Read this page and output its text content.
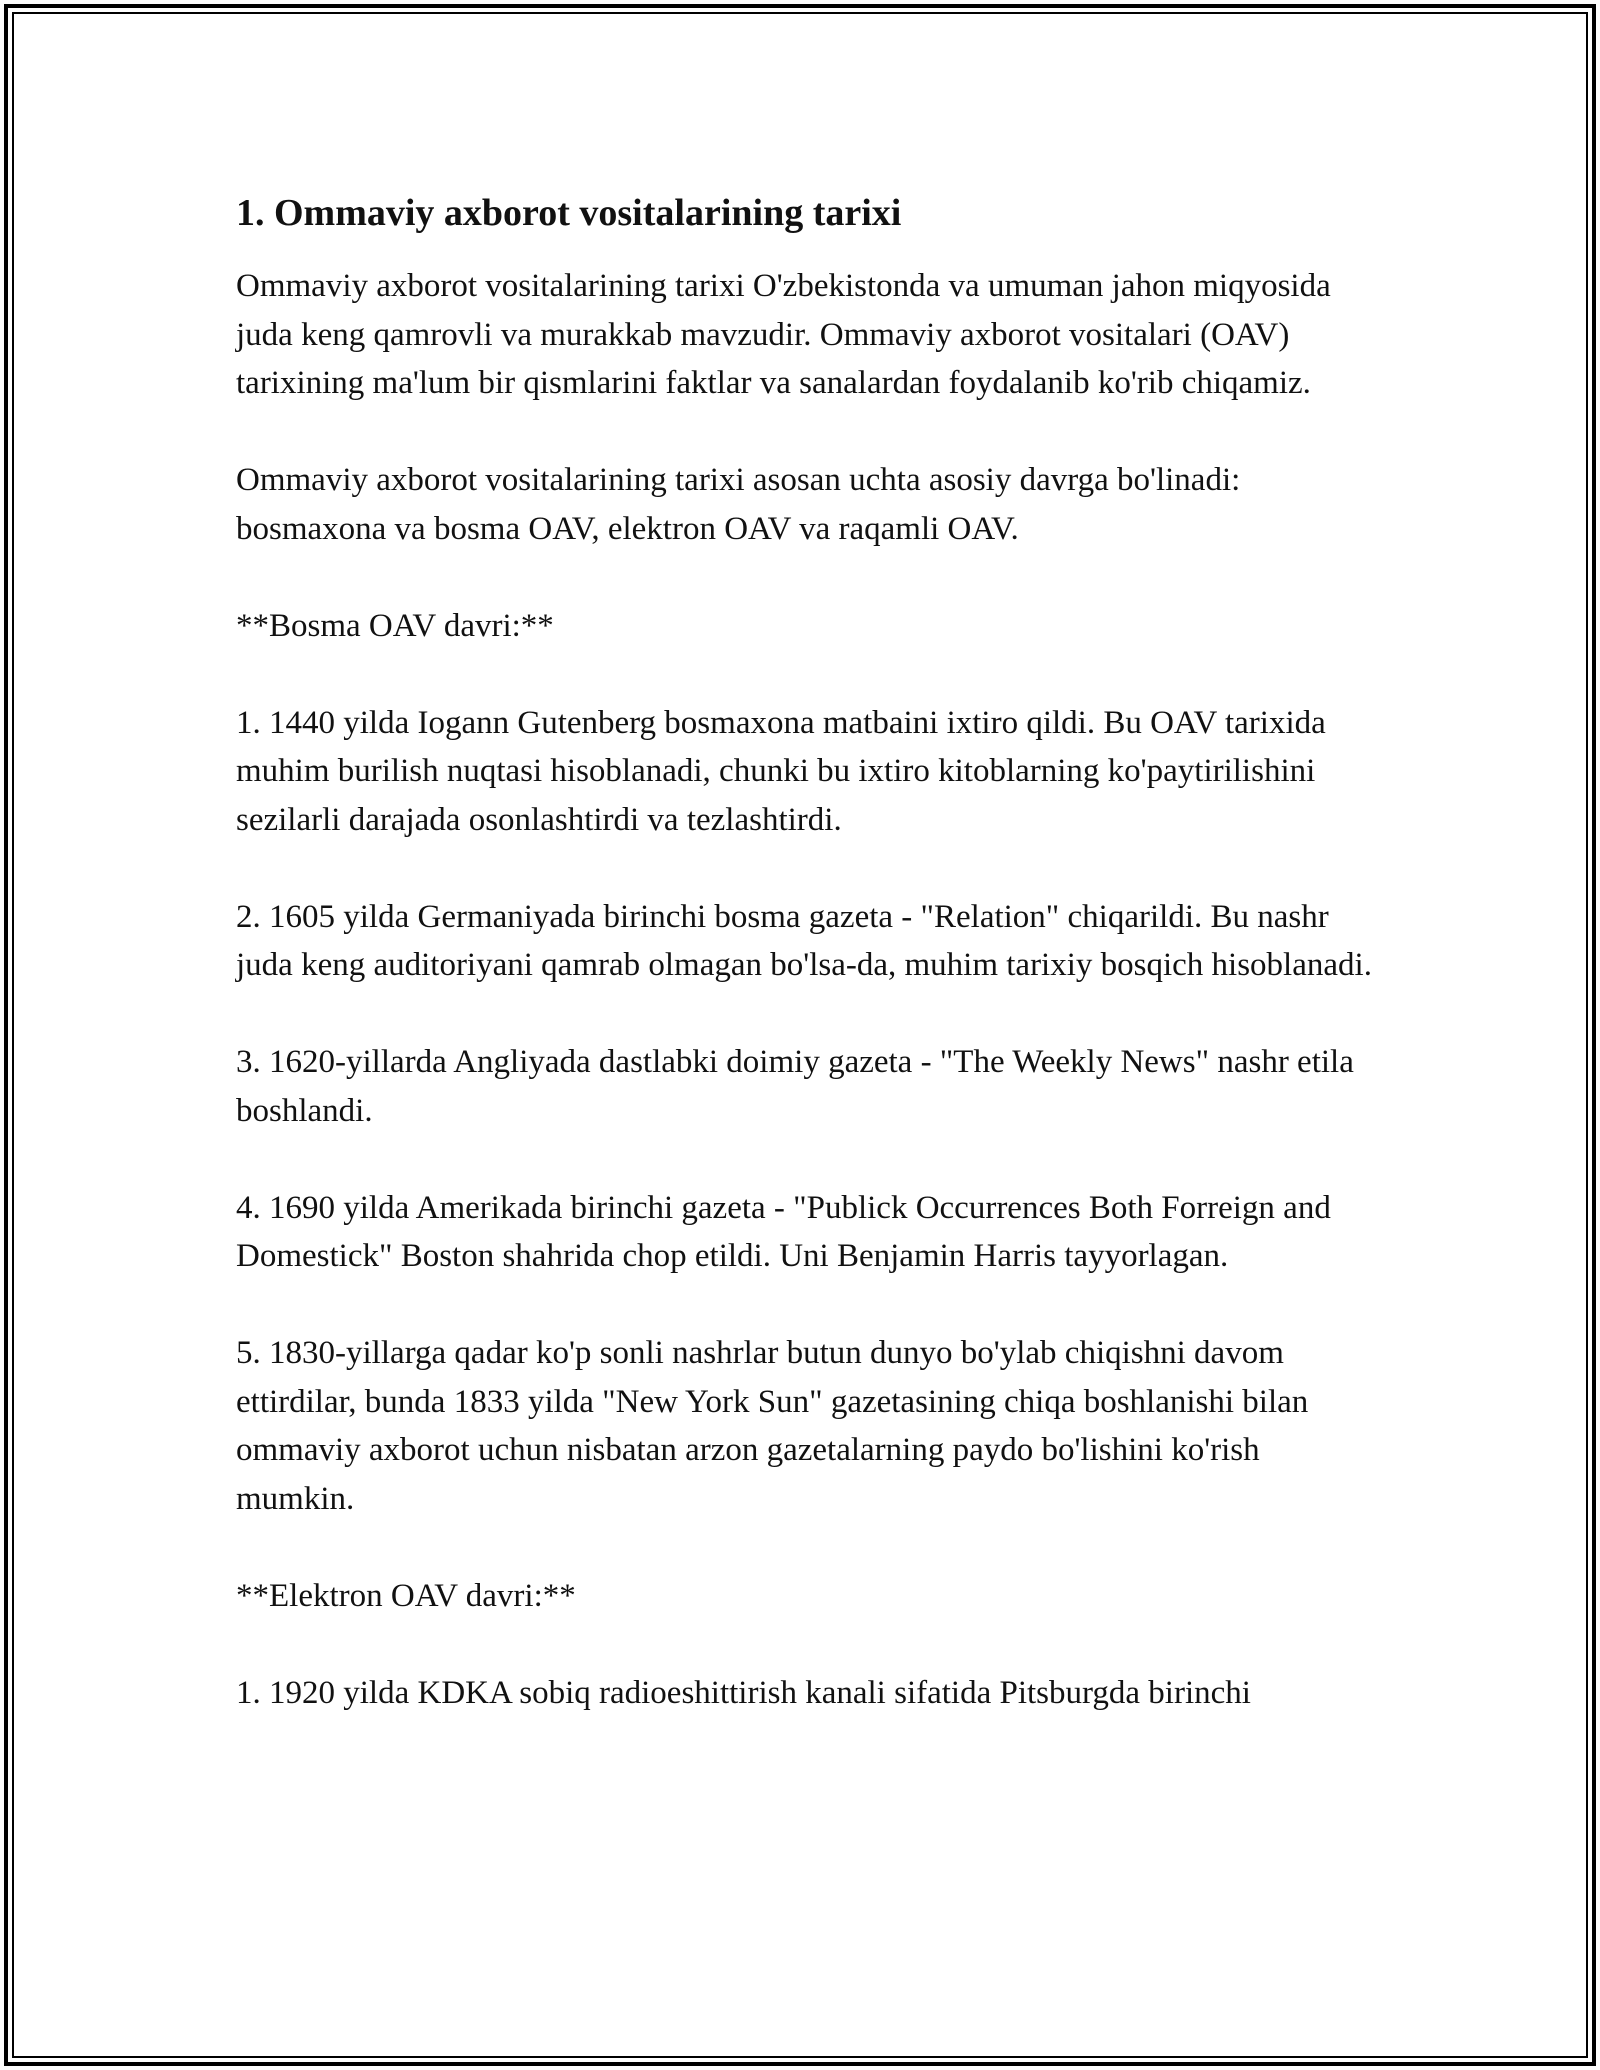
1. Ommaviy axborot vositalarining tarixi

Ommaviy axborot vositalarining tarixi O'zbekistonda va umuman jahon miqyosida juda keng qamrovli va murakkab mavzudir. Ommaviy axborot vositalari (OAV) tarixining ma'lum bir qismlarini faktlar va sanalardan foydalanib ko'rib chiqamiz.

Ommaviy axborot vositalarining tarixi asosan uchta asosiy davrga bo'linadi: bosmaxona va bosma OAV, elektron OAV va raqamli OAV.

**Bosma OAV davri:**

1. 1440 yilda Iogann Gutenberg bosmaxona matbaini ixtiro qildi. Bu OAV tarixida muhim burilish nuqtasi hisoblanadi, chunki bu ixtiro kitoblarning ko'paytirilishini sezilarli darajada osonlashtirdi va tezlashtirdi.

2. 1605 yilda Germaniyada birinchi bosma gazeta - "Relation" chiqarildi. Bu nashr juda keng auditoriyani qamrab olmagan bo'lsa-da, muhim tarixiy bosqich hisoblanadi.

3. 1620-yillarda Angliyada dastlabki doimiy gazeta - "The Weekly News" nashr etila boshlandi.

4. 1690 yilda Amerikada birinchi gazeta - "Publick Occurrences Both Forreign and Domestick" Boston shahrida chop etildi. Uni Benjamin Harris tayyorlagan.

5. 1830-yillarga qadar ko'p sonli nashrlar butun dunyo bo'ylab chiqishni davom ettirdilar, bunda 1833 yilda "New York Sun" gazetasining chiqa boshlanishi bilan ommaviy axborot uchun nisbatan arzon gazetalarning paydo bo'lishini ko'rish mumkin.

**Elektron OAV davri:**

1. 1920 yilda KDKA sobiq radioeshittirish kanali sifatida Pitsburgda birinchi
